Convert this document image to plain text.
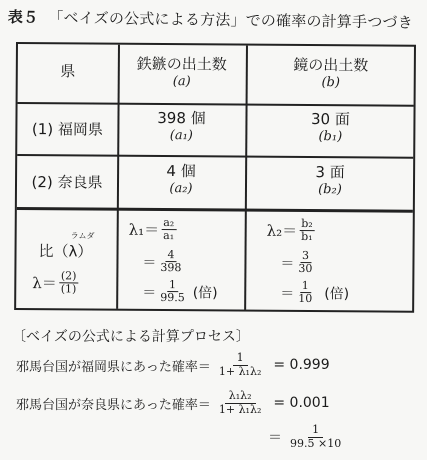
表５ 「ベイズの公式による方法」での確率の計算手つづき
県	鉄鏃の出土数
(a)
鏡の出土数
(b)
(1) 福岡県
398 個
(a₁)
30 面
(b₁)
(2) 奈良県
4 個
(a₂)
3 面
(b₂)
ラムダ
比（λ）
$\lambda= \frac{(2)}{(1)}$
$\lambda_1= \frac{\text{a₂}}{\text{a₁}}$
＝ $\frac{4}{398}$
＝ $\frac{1}{99.5}$ (倍)
$\lambda_2= \frac{\text{b₂}}{\text{b₁}}$
＝ $\frac{3}{30}$
＝ $\frac{1}{10}$ (倍)
〔ベイズの公式による計算プロセス〕
邪馬台国が福岡県にあった確率＝ $\frac{1}{\text{1+ λ₁λ₂}} = 0.999$
邪馬台国が奈良県にあった確率＝ $\frac{\text{λ₁λ₂}}{\text{1+ λ₁λ₂}} = 0.001$
＝ $\frac{1}{99.5 \times 10}$
